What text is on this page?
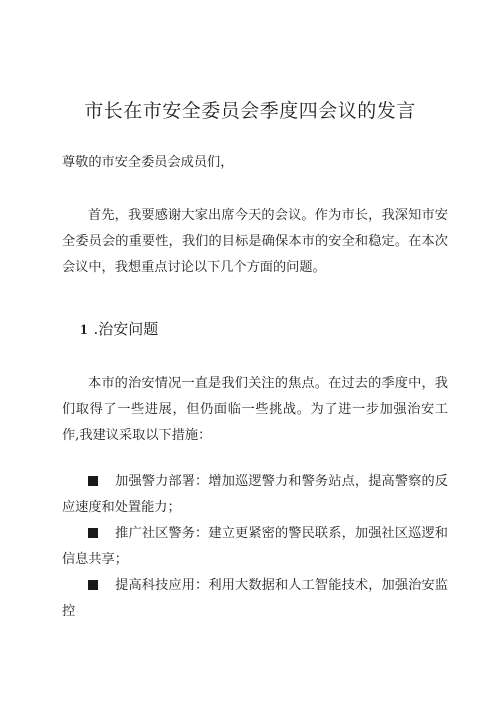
市长在市安全委员会季度四会议的发言
尊敬的市安全委员会成员们，
首先，我要感谢大家出席今天的会议。作为市长，我深知市安全委员会的重要性，我们的目标是确保本市的安全和稳定。在本次会议中，我想重点讨论以下几个方面的问题。
1 .治安问题
本市的治安情况一直是我们关注的焦点。在过去的季度中，我们取得了一些进展，但仍面临一些挑战。为了进一步加强治安工作,我建议采取以下措施：
加强警力部署：增加巡逻警力和警务站点，提高警察的反应速度和处置能力；
推广社区警务：建立更紧密的警民联系，加强社区巡逻和信息共享；
提高科技应用：利用大数据和人工智能技术，加强治安监控
